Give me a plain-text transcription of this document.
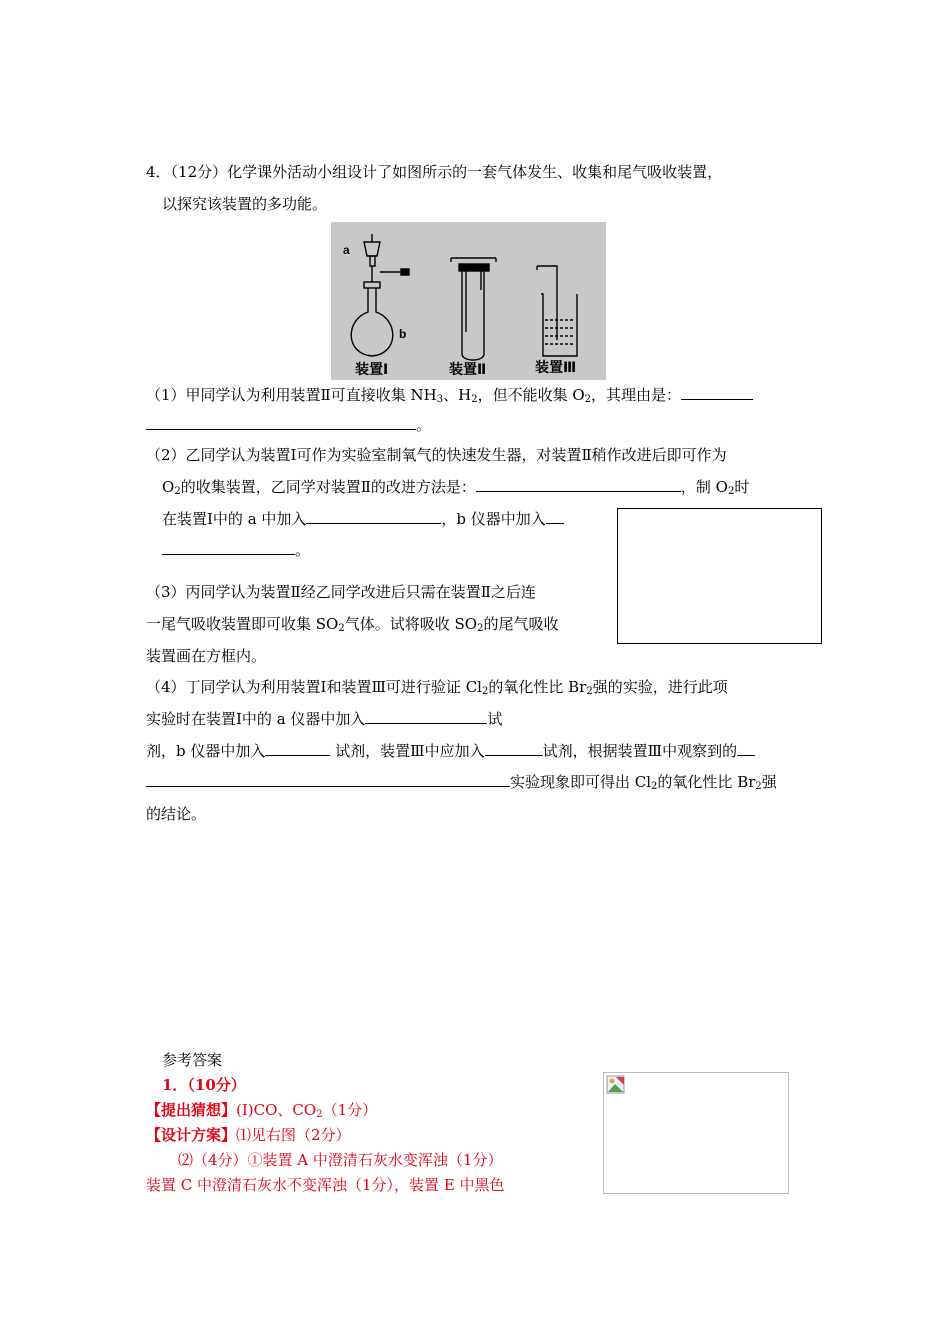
4．（12分）化学课外活动小组设计了如图所示的一套气体发生、收集和尾气吸收装置，
以探究该装置的多功能。
a
b
装置Ⅰ	装置Ⅱ	装置Ⅲ
（1）甲同学认为利用装置Ⅱ可直接收集 $NH_3$、$H_2$，但不能收集 $O_2$，其理由是：
。
（2）乙同学认为装置Ⅰ可作为实验室制氧气的快速发生器，对装置Ⅱ稍作改进后即可作为
$O_2$的收集装置，乙同学对装置Ⅱ的改进方法是：	，制 $O_2$时
在装置Ⅰ中的 a 中加入	，b 仪器中加入
。
（3）丙同学认为装置Ⅱ经乙同学改进后只需在装置Ⅱ之后连
一尾气吸收装置即可收集 $SO_2$气体。试将吸收 $SO_2$的尾气吸收
装置画在方框内。
（4）丁同学认为利用装置Ⅰ和装置Ⅲ可进行验证 $Cl_2$的氧化性比 $Br_2$强的实验，进行此项
实验时在装置Ⅰ中的 a 仪器中加入	试
剂，b 仪器中加入	试剂，装置Ⅲ中应加入	试剂，根据装置Ⅲ中观察到的
实验现象即可得出 $Cl_2$的氧化性比 $Br_2$强
的结论。
参考答案
1．（10分）
【提出猜想】(Ⅰ)CO、$CO_2(1$分）
【设计方案】⑴见右图（2分）
⑵（4分）①装置 A 中澄清石灰水变浑浊（1分）
装置 C 中澄清石灰水不变浑浊（1分），装置 E 中黑色
